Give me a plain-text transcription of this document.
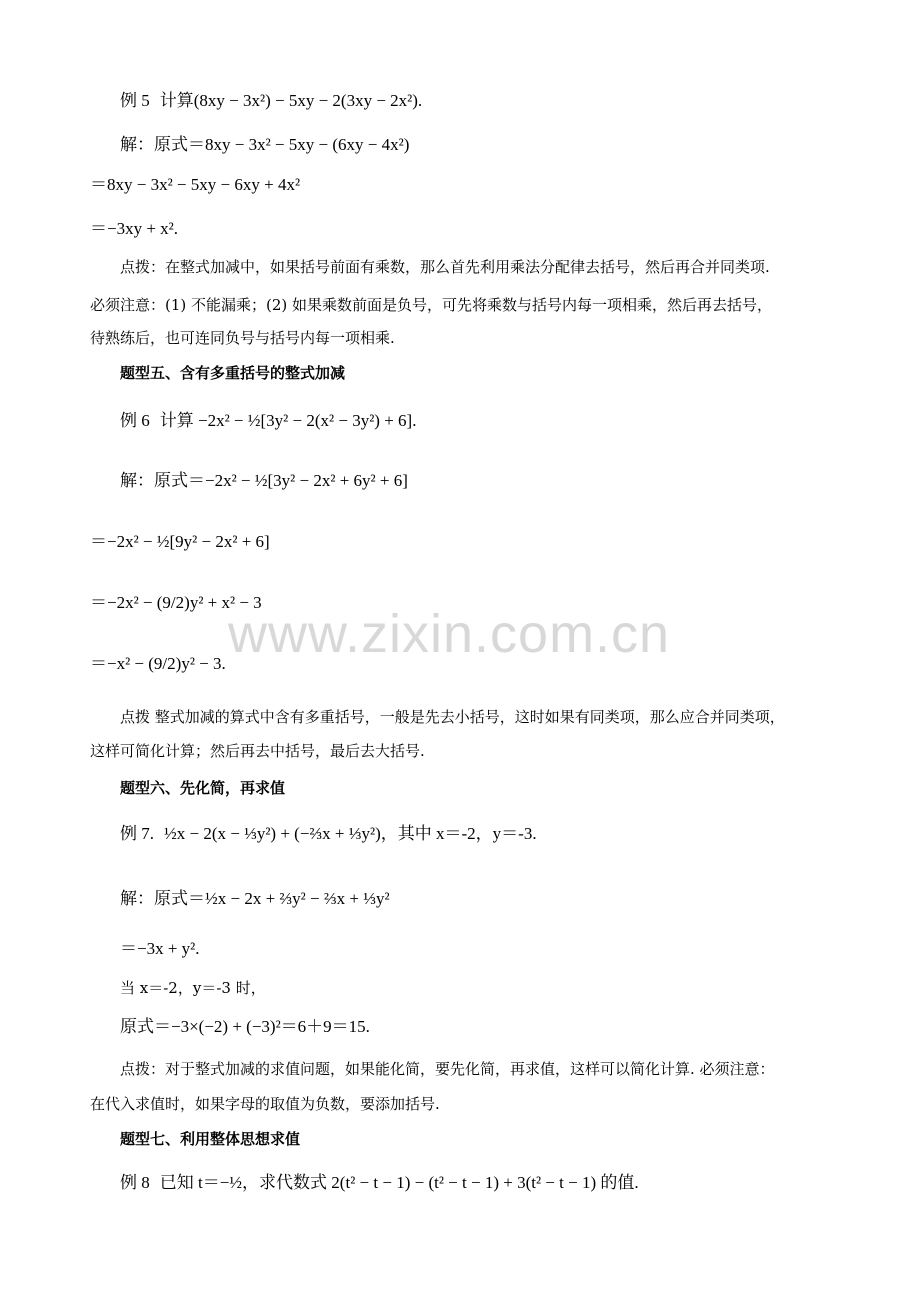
例 5 计算(8xy − 3x²) − 5xy − 2(3xy − 2x²).
解：原式＝8xy − 3x² − 5xy − (6xy − 4x²)
＝8xy − 3x² − 5xy − 6xy + 4x²
＝−3xy + x².
点拨：在整式加减中，如果括号前面有乘数，那么首先利用乘法分配律去括号，然后再合并同类项.
必须注意：(1) 不能漏乘；(2) 如果乘数前面是负号，可先将乘数与括号内每一项相乘，然后再去括号，
待熟练后，也可连同负号与括号内每一项相乘.
题型五、含有多重括号的整式加减
例 6 计算 −2x² − ½[3y² − 2(x² − 3y²) + 6].
解：原式＝−2x² − ½[3y² − 2x² + 6y² + 6]
＝−2x² − ½[9y² − 2x² + 6]
＝−2x² − (9/2)y² + x² − 3
＝−x² − (9/2)y² − 3.
点拨 整式加减的算式中含有多重括号，一般是先去小括号，这时如果有同类项，那么应合并同类项，
这样可简化计算；然后再去中括号，最后去大括号.
题型六、先化简，再求值
例 7. ½x − 2(x − ⅓y²) + (−⅔x + ⅓y²)，其中 x＝-2，y＝-3.
解：原式＝½x − 2x + ⅔y² − ⅔x + ⅓y²
＝−3x + y².
当 x＝-2，y＝-3 时，
原式＝−3×(−2) + (−3)²＝6＋9＝15.
点拨：对于整式加减的求值问题，如果能化简，要先化简，再求值，这样可以简化计算. 必须注意：
在代入求值时，如果字母的取值为负数，要添加括号.
题型七、利用整体思想求值
例 8 已知 t＝−½，求代数式 2(t² − t − 1) − (t² − t − 1) + 3(t² − t − 1) 的值.
www.zixin.com.cn
